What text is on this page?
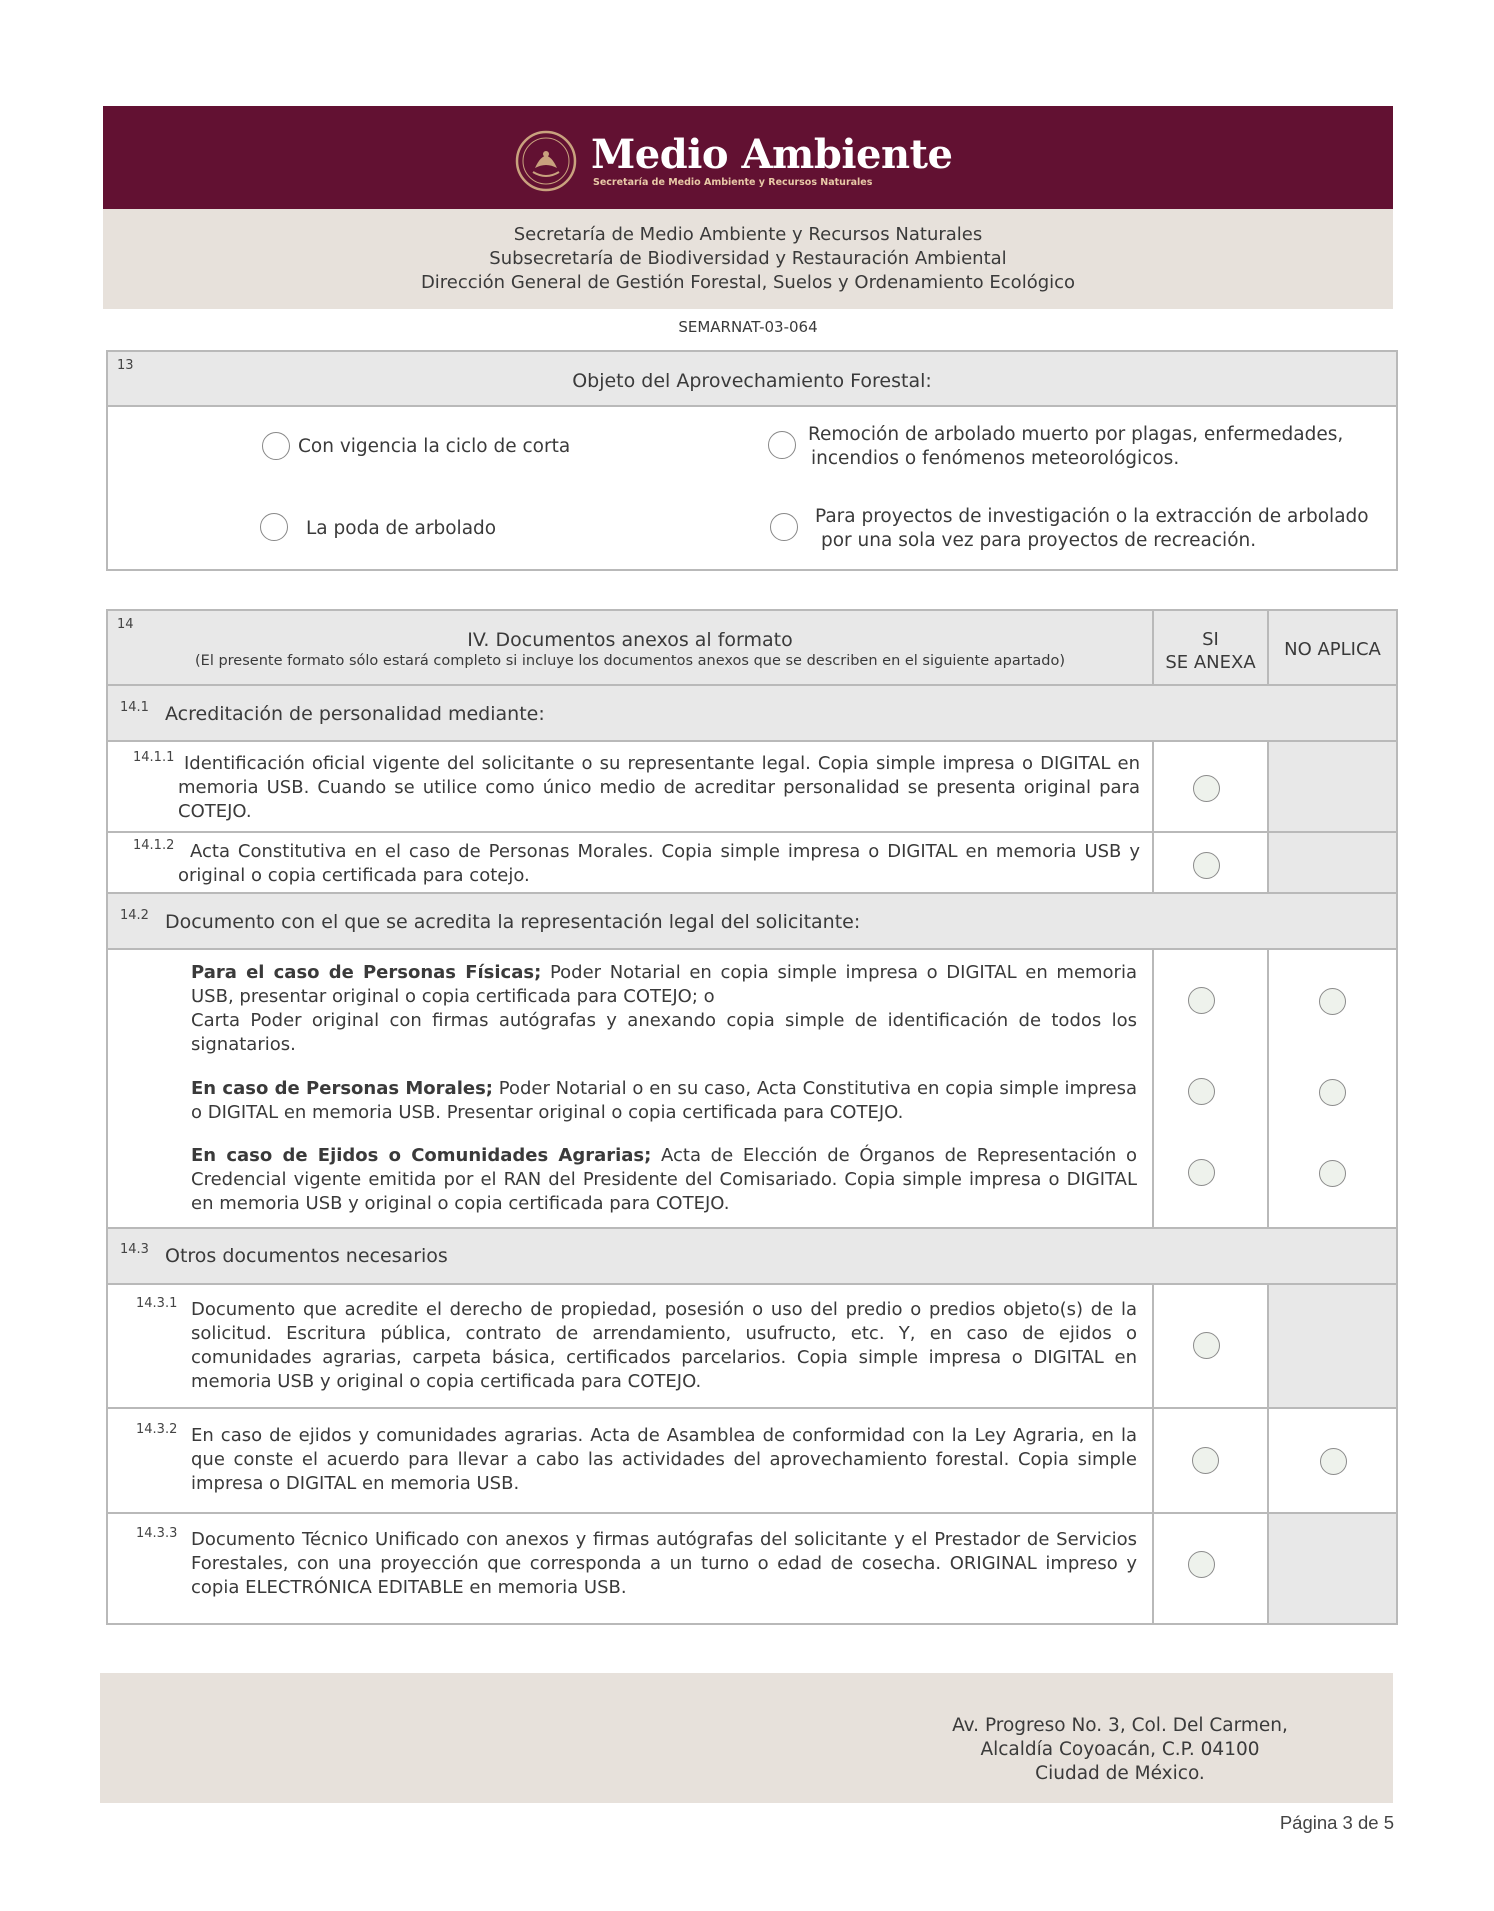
Medio Ambiente
Secretaría de Medio Ambiente y Recursos Naturales
Secretaría de Medio Ambiente y Recursos Naturales
Subsecretaría de Biodiversidad y Restauración Ambiental
Dirección General de Gestión Forestal, Suelos y Ordenamiento Ecológico
SEMARNAT-03-064
13
Objeto del Aprovechamiento Forestal:
Con vigencia la ciclo de corta
Remoción de arbolado muerto por plagas, enfermedades,
incendios o fenómenos meteorológicos.
La poda de arbolado
Para proyectos de investigación o la extracción de arbolado
por una sola vez para proyectos de recreación.
14
IV. Documentos anexos al formato
(El presente formato sólo estará completo si incluye los documentos anexos que se describen en el siguiente apartado)
SI
SE ANEXA
NO APLICA
14.1 Acreditación de personalidad mediante:
14.1.1 Identificación oficial vigente del solicitante o su representante legal. Copia simple impresa o DIGITAL en memoria USB. Cuando se utilice como único medio de acreditar personalidad se presenta original para COTEJO.
14.1.2 Acta Constitutiva en el caso de Personas Morales. Copia simple impresa o DIGITAL en memoria USB y original o copia certificada para cotejo.
14.2 Documento con el que se acredita la representación legal del solicitante:
Para el caso de Personas Físicas; Poder Notarial en copia simple impresa o DIGITAL en memoria USB, presentar original o copia certificada para COTEJO; o
Carta Poder original con firmas autógrafas y anexando copia simple de identificación de todos los signatarios.
En caso de Personas Morales; Poder Notarial o en su caso, Acta Constitutiva en copia simple impresa o DIGITAL en memoria USB. Presentar original o copia certificada para COTEJO.
En caso de Ejidos o Comunidades Agrarias; Acta de Elección de Órganos de Representación o Credencial vigente emitida por el RAN del Presidente del Comisariado. Copia simple impresa o DIGITAL en memoria USB y original o copia certificada para COTEJO.
14.3 Otros documentos necesarios
14.3.1 Documento que acredite el derecho de propiedad, posesión o uso del predio o predios objeto(s) de la solicitud. Escritura pública, contrato de arrendamiento, usufructo, etc. Y, en caso de ejidos o comunidades agrarias, carpeta básica, certificados parcelarios. Copia simple impresa o DIGITAL en memoria USB y original o copia certificada para COTEJO.
14.3.2 En caso de ejidos y comunidades agrarias. Acta de Asamblea de conformidad con la Ley Agraria, en la que conste el acuerdo para llevar a cabo las actividades del aprovechamiento forestal. Copia simple impresa o DIGITAL en memoria USB.
14.3.3 Documento Técnico Unificado con anexos y firmas autógrafas del solicitante y el Prestador de Servicios Forestales, con una proyección que corresponda a un turno o edad de cosecha. ORIGINAL impreso y copia ELECTRÓNICA EDITABLE en memoria USB.
Av. Progreso No. 3, Col. Del Carmen,
Alcaldía Coyoacán, C.P. 04100
Ciudad de México.
Página 3 de 5
